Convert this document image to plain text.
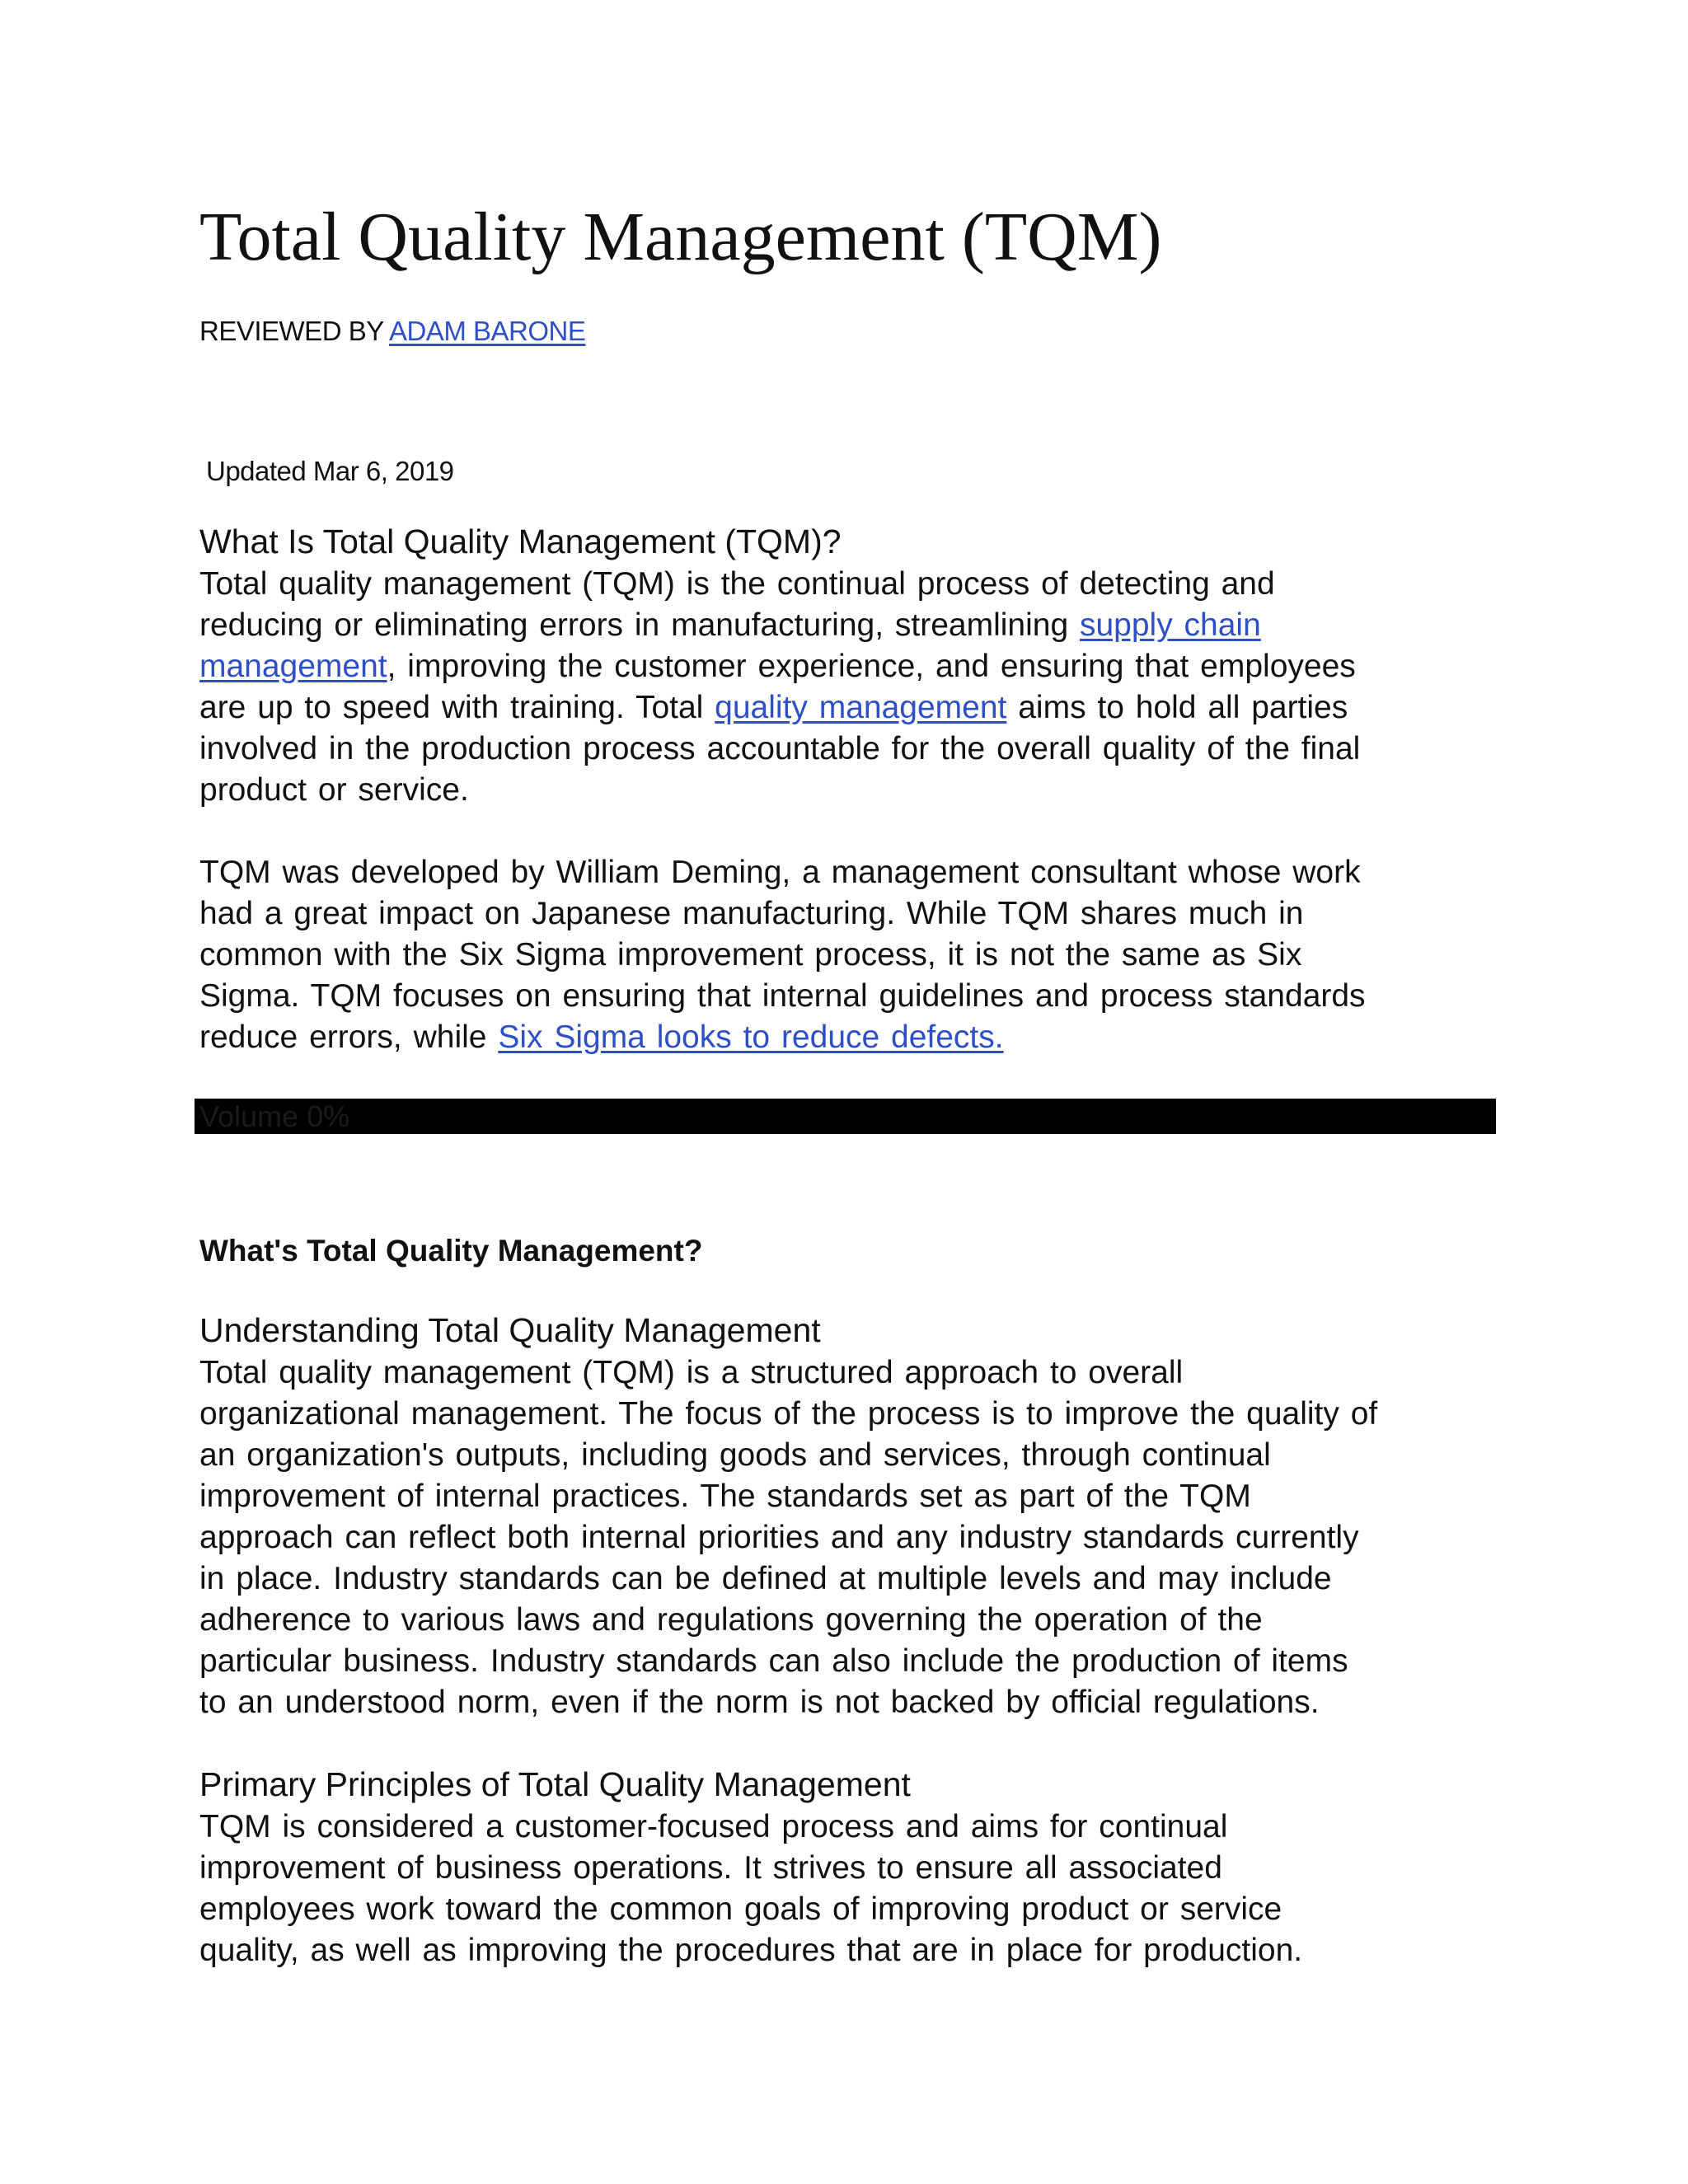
Total Quality Management (TQM)
REVIEWED BY ADAM BARONE
Updated Mar 6, 2019
What Is Total Quality Management (TQM)?
Total quality management (TQM) is the continual process of detecting and
reducing or eliminating errors in manufacturing, streamlining supply chain
management, improving the customer experience, and ensuring that employees
are up to speed with training. Total quality management aims to hold all parties
involved in the production process accountable for the overall quality of the final
product or service.
TQM was developed by William Deming, a management consultant whose work
had a great impact on Japanese manufacturing. While TQM shares much in
common with the Six Sigma improvement process, it is not the same as Six
Sigma. TQM focuses on ensuring that internal guidelines and process standards
reduce errors, while Six Sigma looks to reduce defects.
Volume 0%
What's Total Quality Management?
Understanding Total Quality Management
Total quality management (TQM) is a structured approach to overall
organizational management. The focus of the process is to improve the quality of
an organization's outputs, including goods and services, through continual
improvement of internal practices. The standards set as part of the TQM
approach can reflect both internal priorities and any industry standards currently
in place. Industry standards can be defined at multiple levels and may include
adherence to various laws and regulations governing the operation of the
particular business. Industry standards can also include the production of items
to an understood norm, even if the norm is not backed by official regulations.
Primary Principles of Total Quality Management
TQM is considered a customer-focused process and aims for continual
improvement of business operations. It strives to ensure all associated
employees work toward the common goals of improving product or service
quality, as well as improving the procedures that are in place for production.
